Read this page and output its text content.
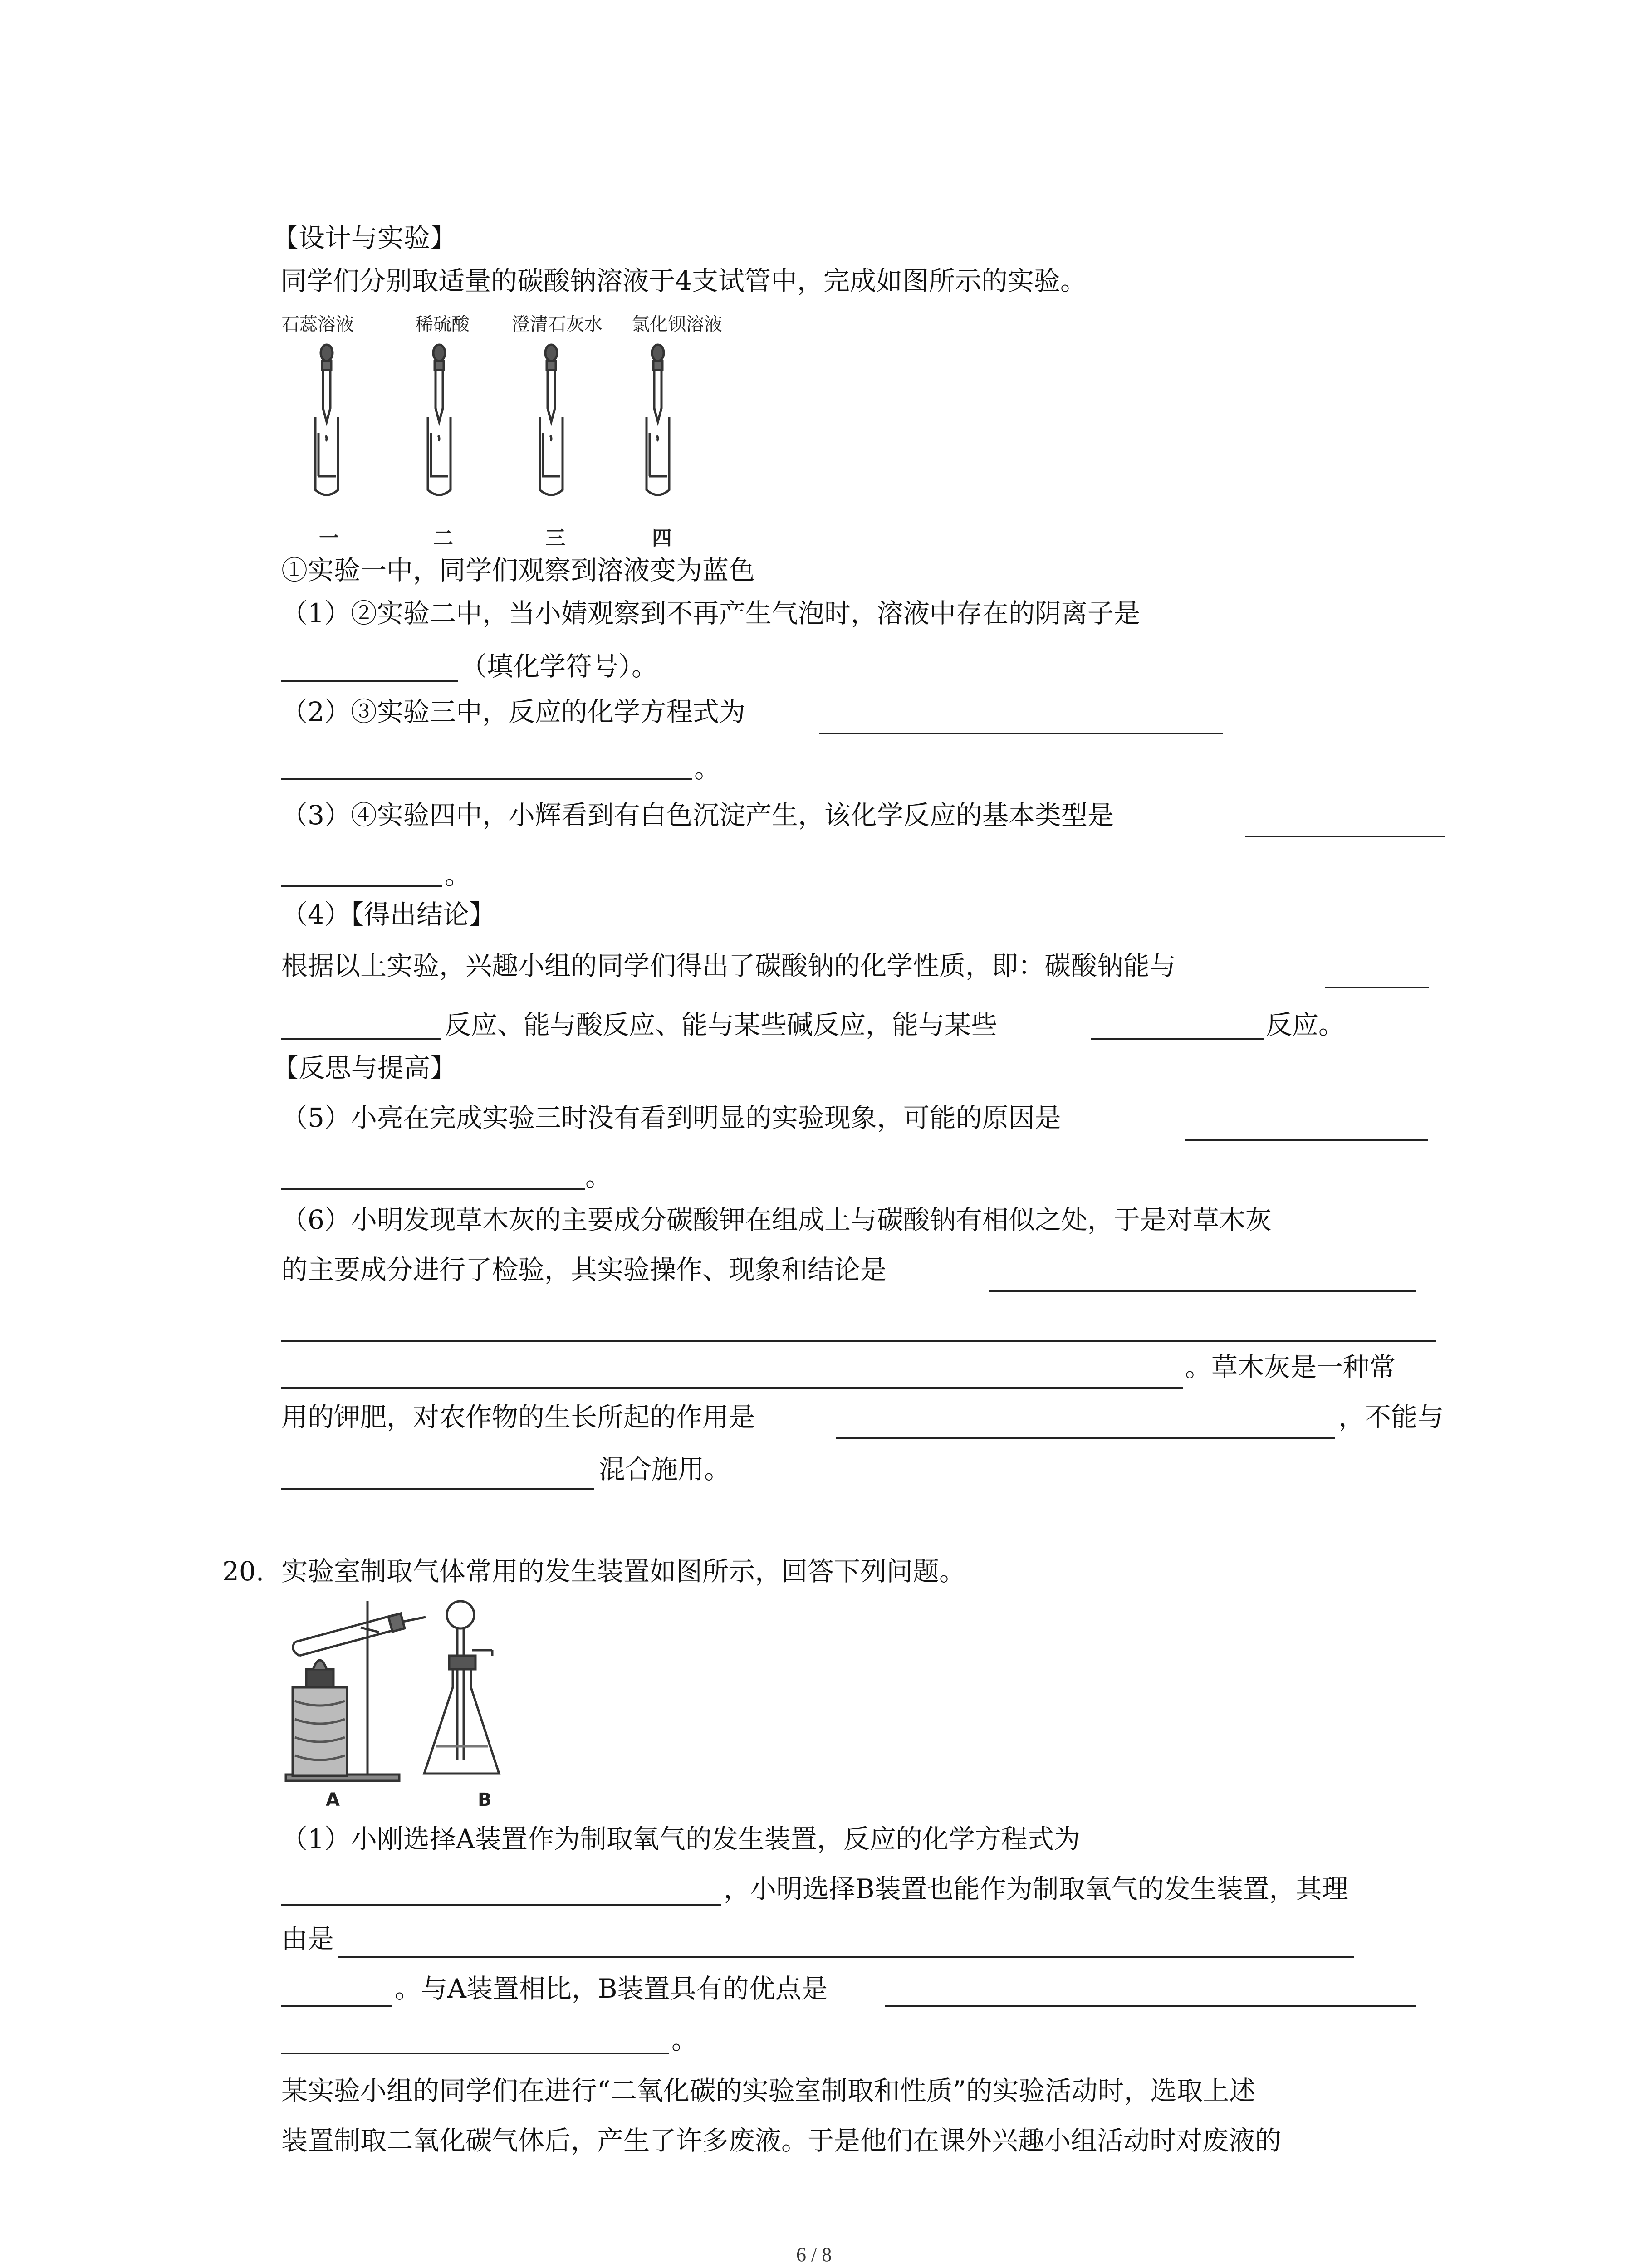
【设计与实验】
同学们分别取适量的碳酸钠溶液于4支试管中，完成如图所示的实验。
石蕊溶液	稀硫酸 澄清石灰水 氯化钡溶液
一	二	三	四
①实验一中，同学们观察到溶液变为蓝色
（1）②实验二中，当小婧观察到不再产生气泡时，溶液中存在的阴离子是
（填化学符号）。
（2）③实验三中，反应的化学方程式为
。
（3）④实验四中，小辉看到有白色沉淀产生，该化学反应的基本类型是
。
（4）【得出结论】
根据以上实验，兴趣小组的同学们得出了碳酸钠的化学性质，即：碳酸钠能与
反应、能与酸反应、能与某些碱反应，能与某些	反应。
【反思与提高】
（5）小亮在完成实验三时没有看到明显的实验现象，可能的原因是
。
（6）小明发现草木灰的主要成分碳酸钾在组成上与碳酸钠有相似之处，于是对草木灰
的主要成分进行了检验，其实验操作、现象和结论是
。草木灰是一种常
用的钾肥，对农作物的生长所起的作用是	，不能与
混合施用。
20. 实验室制取气体常用的发生装置如图所示，回答下列问题。
A	B
（1）小刚选择A装置作为制取氧气的发生装置，反应的化学方程式为
，小明选择B装置也能作为制取氧气的发生装置，其理
由是
。与A装置相比，B装置具有的优点是
。
某实验小组的同学们在进行“二氧化碳的实验室制取和性质”的实验活动时，选取上述
装置制取二氧化碳气体后，产生了许多废液。于是他们在课外兴趣小组活动时对废液的
6 / 8
